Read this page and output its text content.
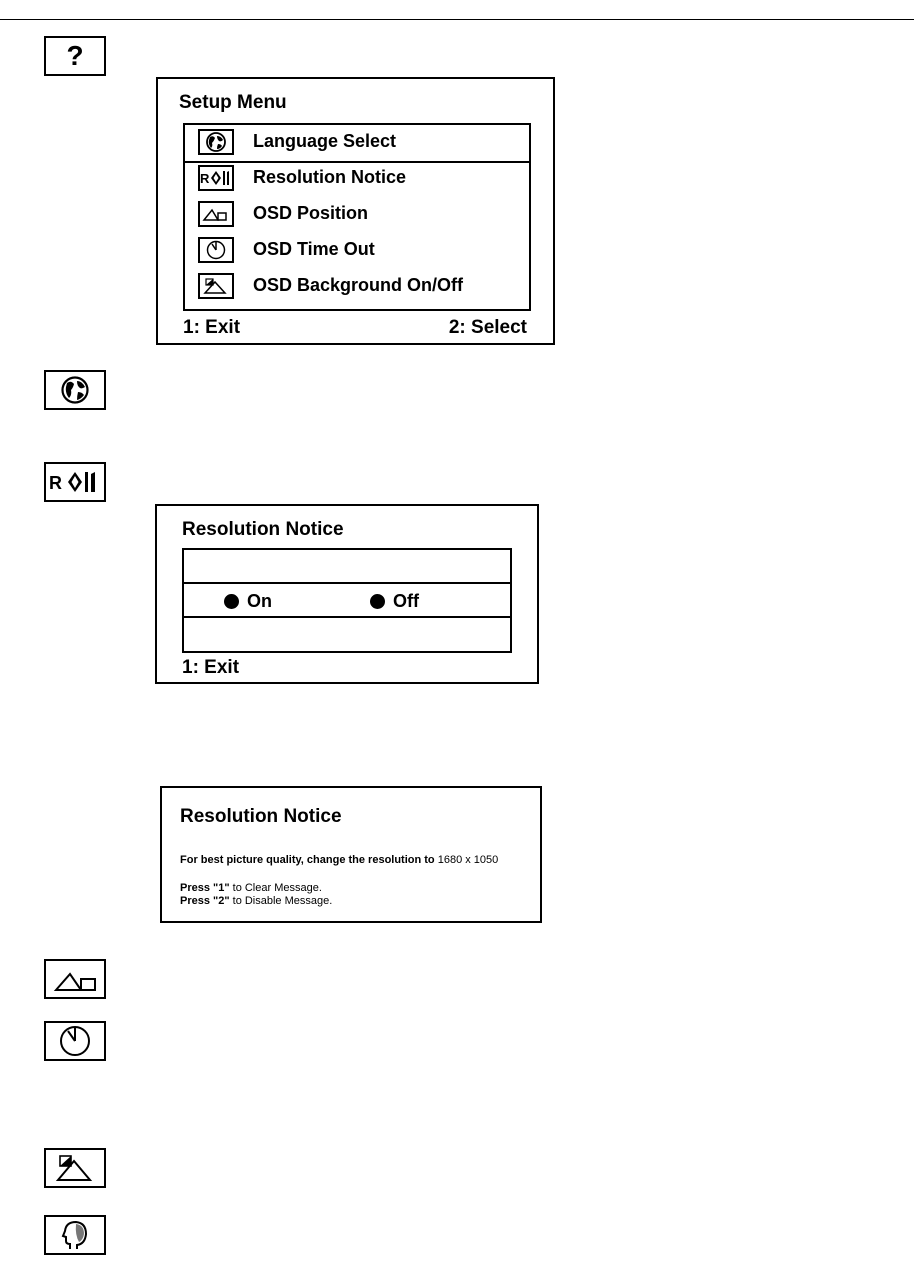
?
Setup Menu
Language Select
R Resolution Notice
OSD Position
OSD Time Out
OSD Background On/Off
1: Exit	2: Select
R
Resolution Notice
On	Off
1: Exit
Resolution Notice
For best picture quality, change the resolution to 1680 x 1050
Press "1" to Clear Message.
Press "2" to Disable Message.
